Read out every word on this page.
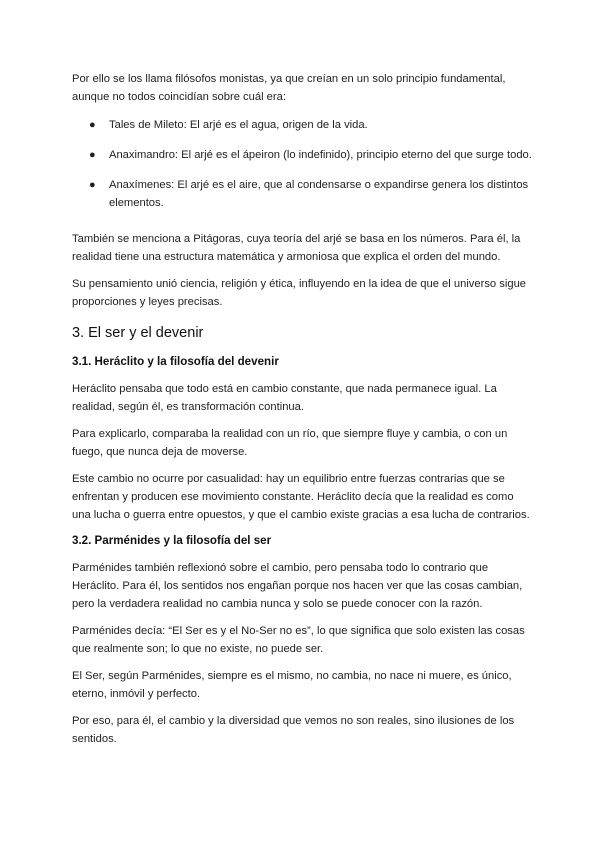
Por ello se los llama filósofos monistas, ya que creían en un solo principio fundamental, aunque no todos coincidían sobre cuál era:

● Tales de Mileto: El arjé es el agua, origen de la vida.
● Anaximandro: El arjé es el ápeiron (lo indefinido), principio eterno del que surge todo.
● Anaxímenes: El arjé es el aire, que al condensarse o expandirse genera los distintos elementos.

También se menciona a Pitágoras, cuya teoría del arjé se basa en los números. Para él, la realidad tiene una estructura matemática y armoniosa que explica el orden del mundo.

Su pensamiento unió ciencia, religión y ética, influyendo en la idea de que el universo sigue proporciones y leyes precisas.

3. El ser y el devenir
3.1. Heráclito y la filosofía del devenir

Heráclito pensaba que todo está en cambio constante, que nada permanece igual. La realidad, según él, es transformación continua.

Para explicarlo, comparaba la realidad con un río, que siempre fluye y cambia, o con un fuego, que nunca deja de moverse.

Este cambio no ocurre por casualidad: hay un equilibrio entre fuerzas contrarias que se enfrentan y producen ese movimiento constante. Heráclito decía que la realidad es como una lucha o guerra entre opuestos, y que el cambio existe gracias a esa lucha de contrarios.

3.2. Parménides y la filosofía del ser

Parménides también reflexionó sobre el cambio, pero pensaba todo lo contrario que Heráclito. Para él, los sentidos nos engañan porque nos hacen ver que las cosas cambian, pero la verdadera realidad no cambia nunca y solo se puede conocer con la razón.

Parménides decía: “El Ser es y el No-Ser no es”, lo que significa que solo existen las cosas que realmente son; lo que no existe, no puede ser.

El Ser, según Parménides, siempre es el mismo, no cambia, no nace ni muere, es único, eterno, inmóvil y perfecto.

Por eso, para él, el cambio y la diversidad que vemos no son reales, sino ilusiones de los sentidos.
